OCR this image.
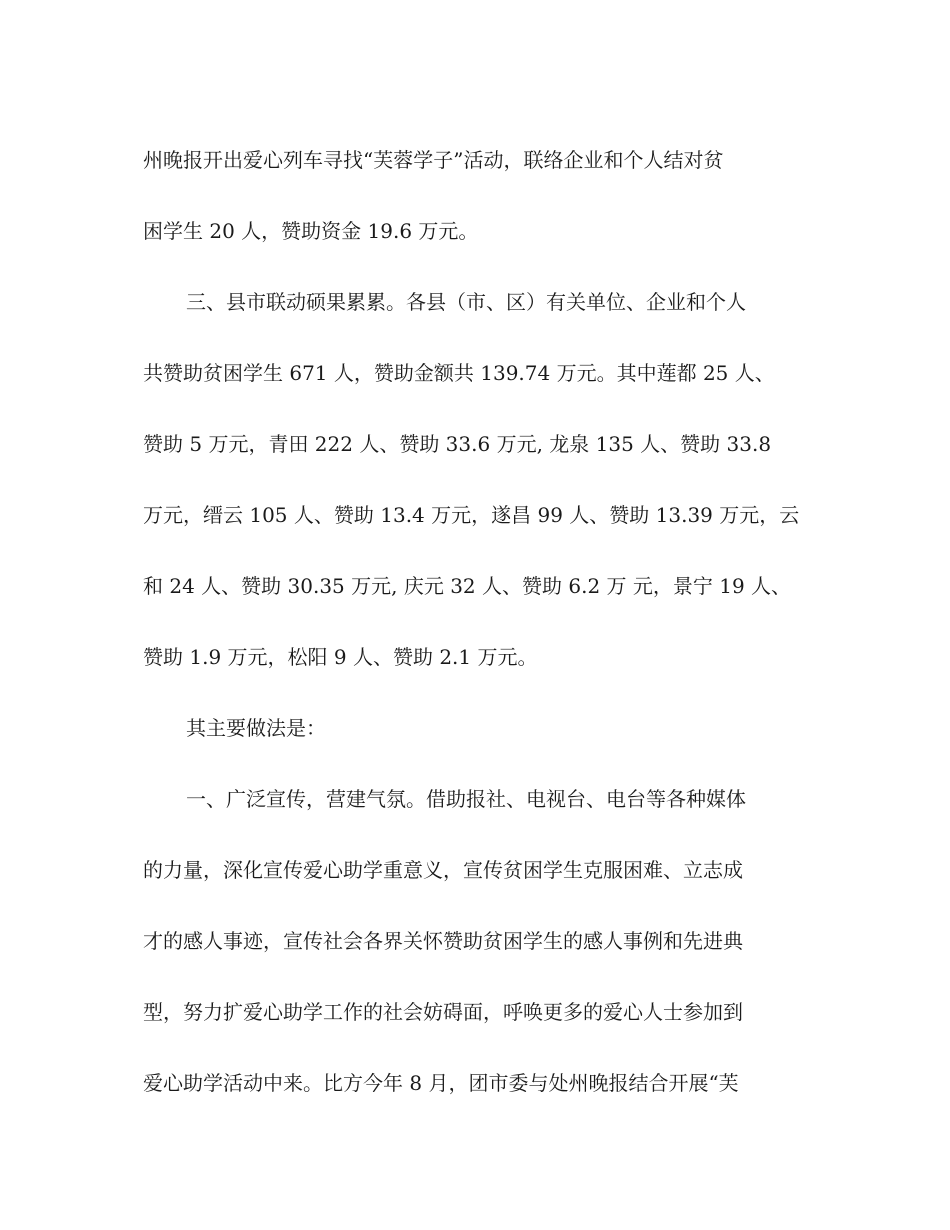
州晚报开出爱心列车寻找“芙蓉学子”活动，联络企业和个人结对贫
困学生 20 人，赞助资金 19.6 万元。
三、县市联动硕果累累。各县（市、区）有关单位、企业和个人
共赞助贫困学生 671 人，赞助金额共 139.74 万元。其中莲都 25 人、
赞助 5 万元，青田 222 人、赞助 33.6 万元, 龙泉 135 人、赞助 33.8
万元，缙云 105 人、赞助 13.4 万元，遂昌 99 人、赞助 13.39 万元，云
和 24 人、赞助 30.35 万元, 庆元 32 人、赞助 6.2 万 元，景宁 19 人、
赞助 1.9 万元，松阳 9 人、赞助 2.1 万元。
其主要做法是：
一、广泛宣传，营建气氛。借助报社、电视台、电台等各种媒体
的力量，深化宣传爱心助学重意义，宣传贫困学生克服困难、立志成
才的感人事迹，宣传社会各界关怀赞助贫困学生的感人事例和先进典
型，努力扩爱心助学工作的社会妨碍面，呼唤更多的爱心人士参加到
爱心助学活动中来。比方今年 8 月，团市委与处州晚报结合开展“芙
